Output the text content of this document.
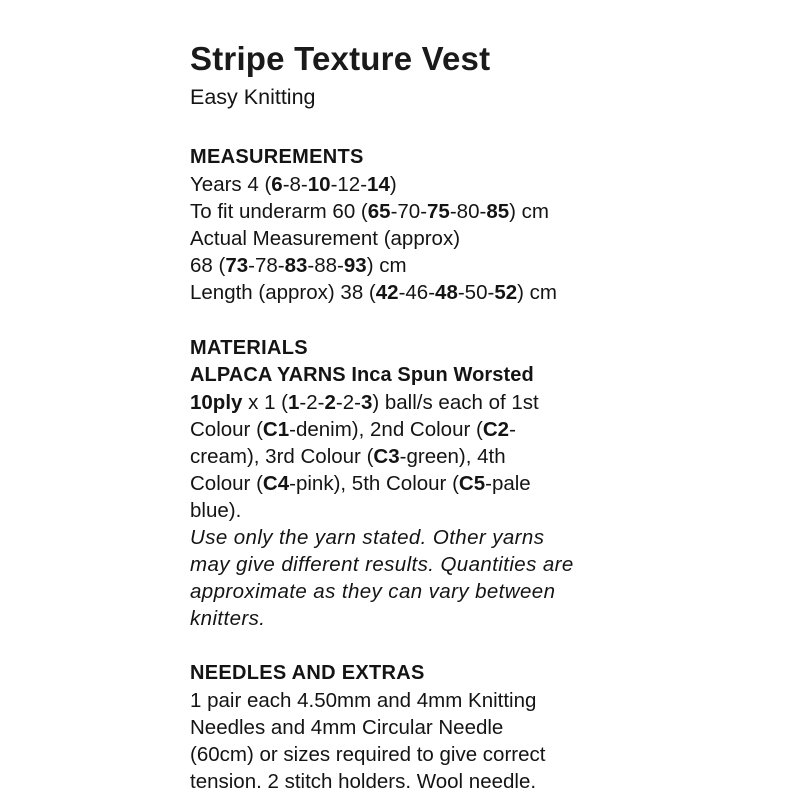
Stripe Texture Vest
Easy Knitting
MEASUREMENTS
Years 4 (6-8-10-12-14)
To fit underarm 60 (65-70-75-80-85) cm
Actual Measurement (approx)
68 (73-78-83-88-93) cm
Length (approx) 38 (42-46-48-50-52) cm
MATERIALS
ALPACA YARNS Inca Spun Worsted
10ply x 1 (1-2-2-2-3) ball/s each of 1st
Colour (C1-denim), 2nd Colour (C2-
cream), 3rd Colour (C3-green), 4th
Colour (C4-pink), 5th Colour (C5-pale
blue).
Use only the yarn stated. Other yarns
may give different results. Quantities are
approximate as they can vary between
knitters.
NEEDLES AND EXTRAS
1 pair each 4.50mm and 4mm Knitting
Needles and 4mm Circular Needle
(60cm) or sizes required to give correct
tension. 2 stitch holders. Wool needle.
